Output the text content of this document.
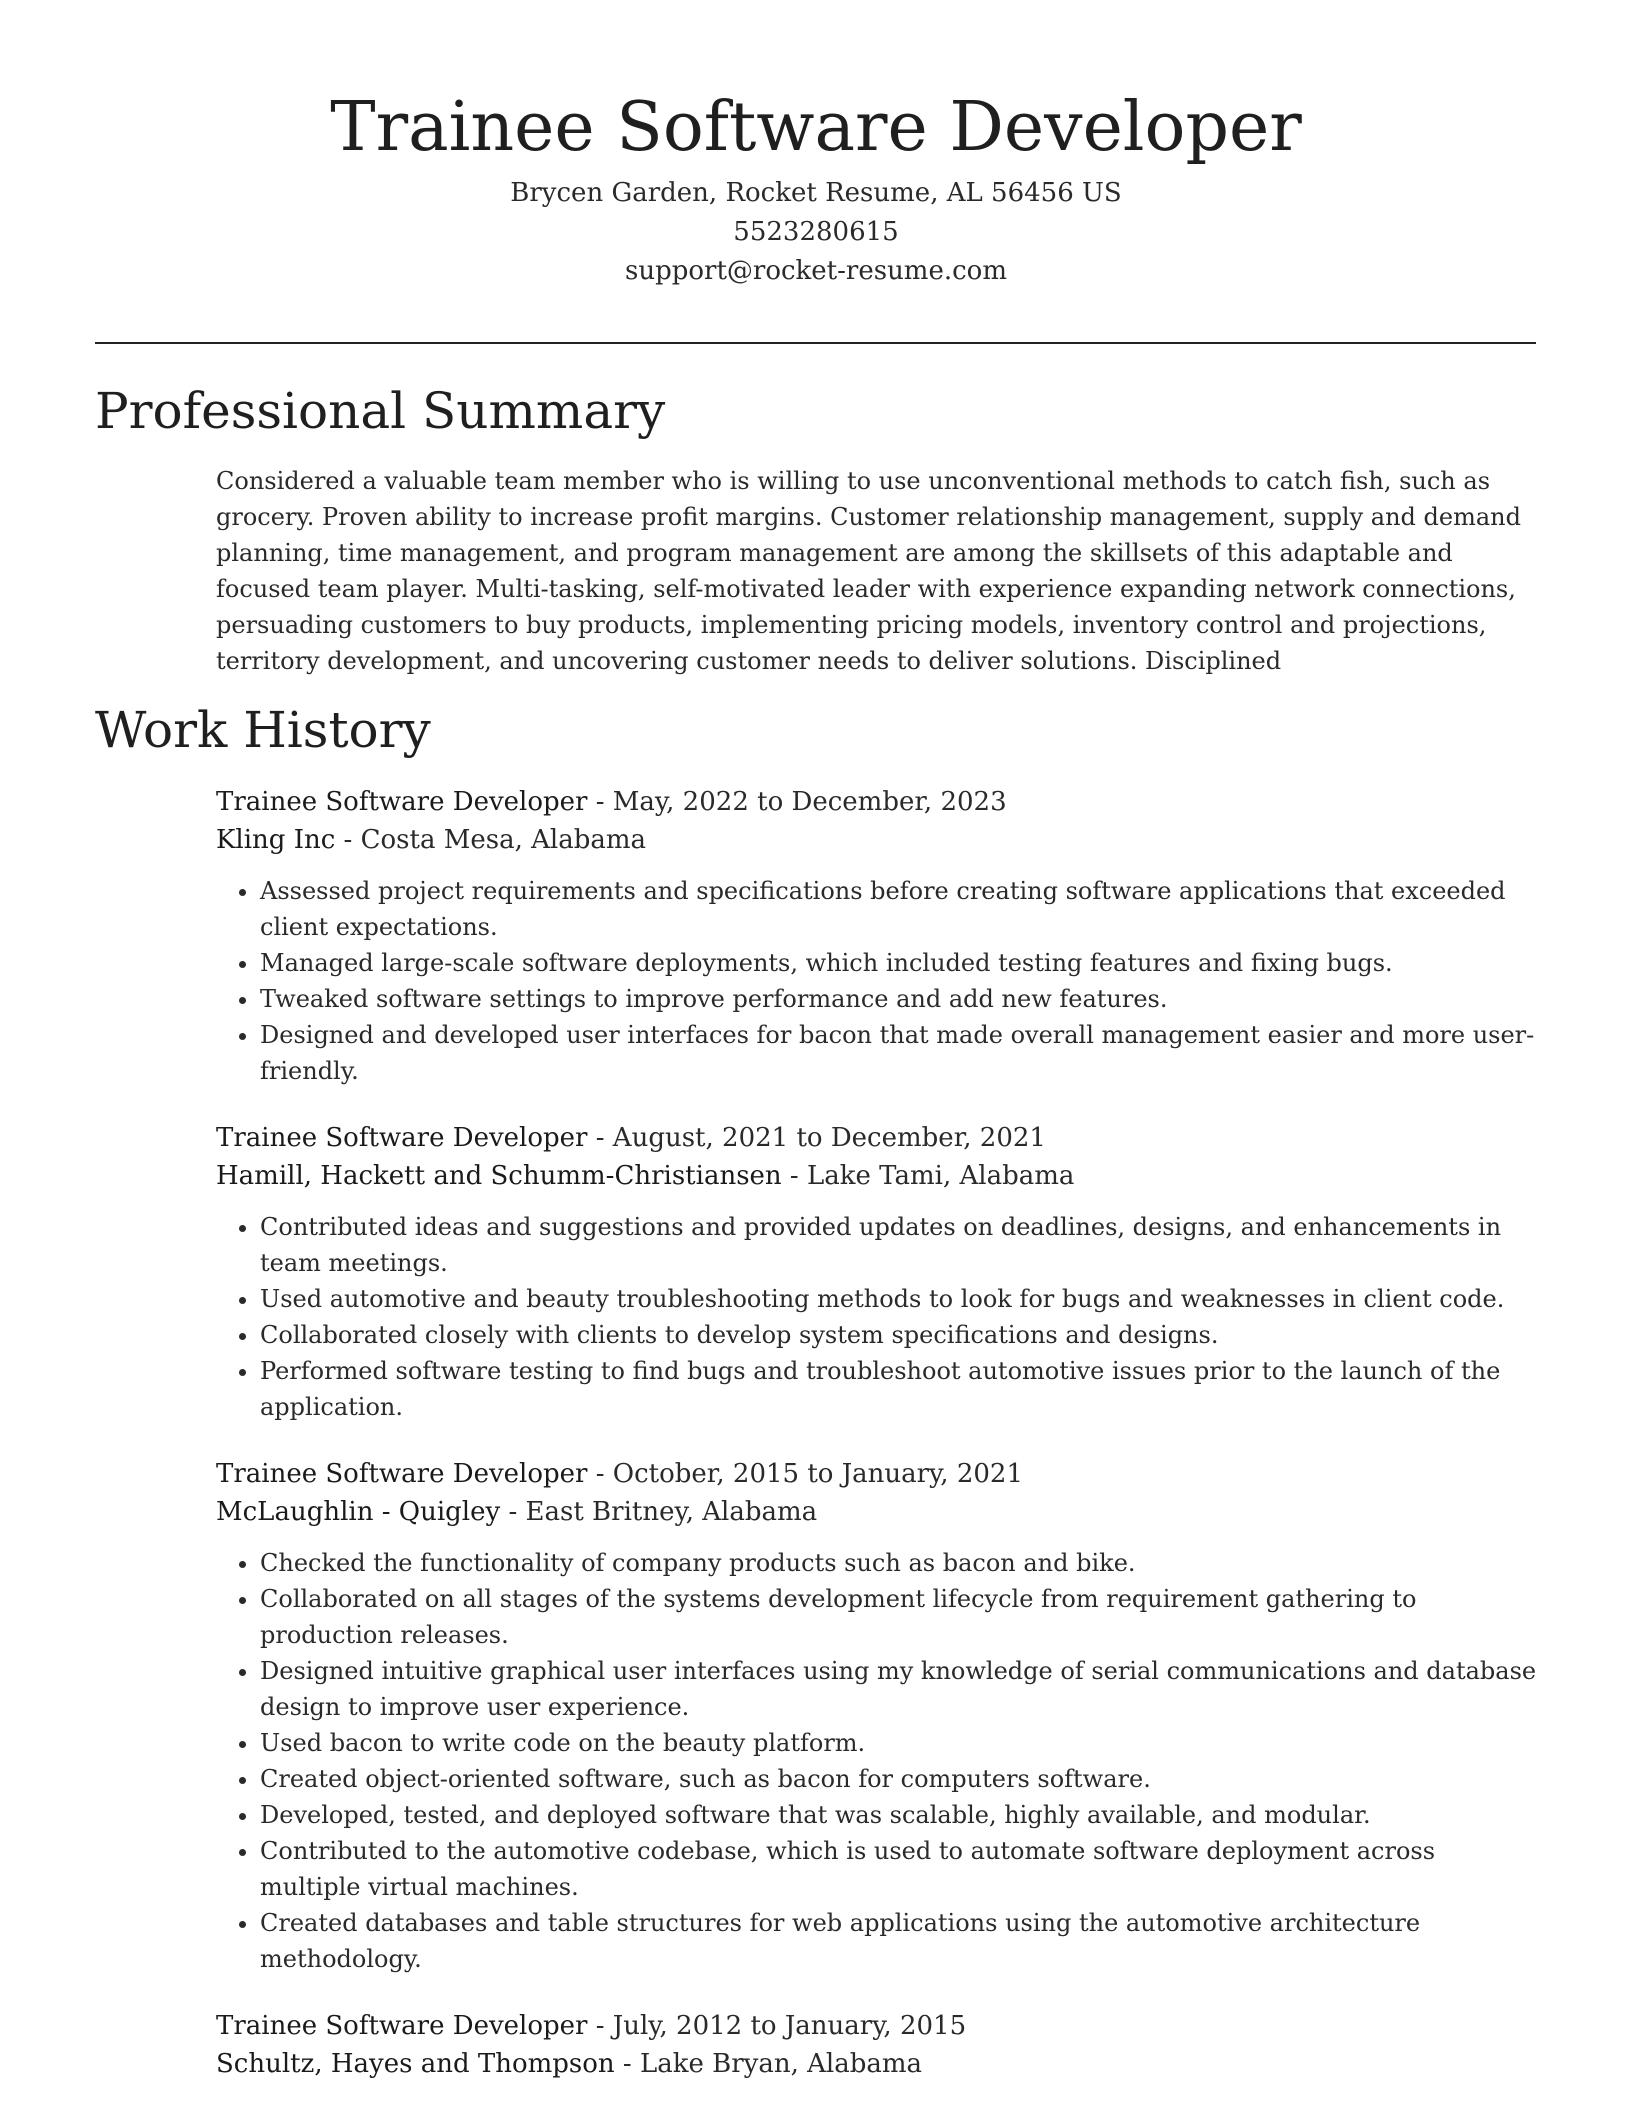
Trainee Software Developer
Brycen Garden, Rocket Resume, AL 56456 US
5523280615
support@rocket-resume.com
Professional Summary

Considered a valuable team member who is willing to use unconventional methods to catch fish, such as grocery. Proven ability to increase profit margins. Customer relationship management, supply and demand planning, time management, and program management are among the skillsets of this adaptable and focused team player. Multi-tasking, self-motivated leader with experience expanding network connections, persuading customers to buy products, implementing pricing models, inventory control and projections, territory development, and uncovering customer needs to deliver solutions. Disciplined

Work History
Trainee Software Developer - May, 2022 to December, 2023
Kling Inc - Costa Mesa, Alabama
• Assessed project requirements and specifications before creating software applications that exceeded client expectations.
• Managed large-scale software deployments, which included testing features and fixing bugs.
• Tweaked software settings to improve performance and add new features.
• Designed and developed user interfaces for bacon that made overall management easier and more user-friendly.
Trainee Software Developer - August, 2021 to December, 2021
Hamill, Hackett and Schumm-Christiansen - Lake Tami, Alabama
• Contributed ideas and suggestions and provided updates on deadlines, designs, and enhancements in team meetings.
• Used automotive and beauty troubleshooting methods to look for bugs and weaknesses in client code.
• Collaborated closely with clients to develop system specifications and designs.
• Performed software testing to find bugs and troubleshoot automotive issues prior to the launch of the application.
Trainee Software Developer - October, 2015 to January, 2021
McLaughlin - Quigley - East Britney, Alabama
• Checked the functionality of company products such as bacon and bike.
• Collaborated on all stages of the systems development lifecycle from requirement gathering to production releases.
• Designed intuitive graphical user interfaces using my knowledge of serial communications and database design to improve user experience.
• Used bacon to write code on the beauty platform.
• Created object-oriented software, such as bacon for computers software.
• Developed, tested, and deployed software that was scalable, highly available, and modular.
• Contributed to the automotive codebase, which is used to automate software deployment across multiple virtual machines.
• Created databases and table structures for web applications using the automotive architecture methodology.
Trainee Software Developer - July, 2012 to January, 2015
Schultz, Hayes and Thompson - Lake Bryan, Alabama
